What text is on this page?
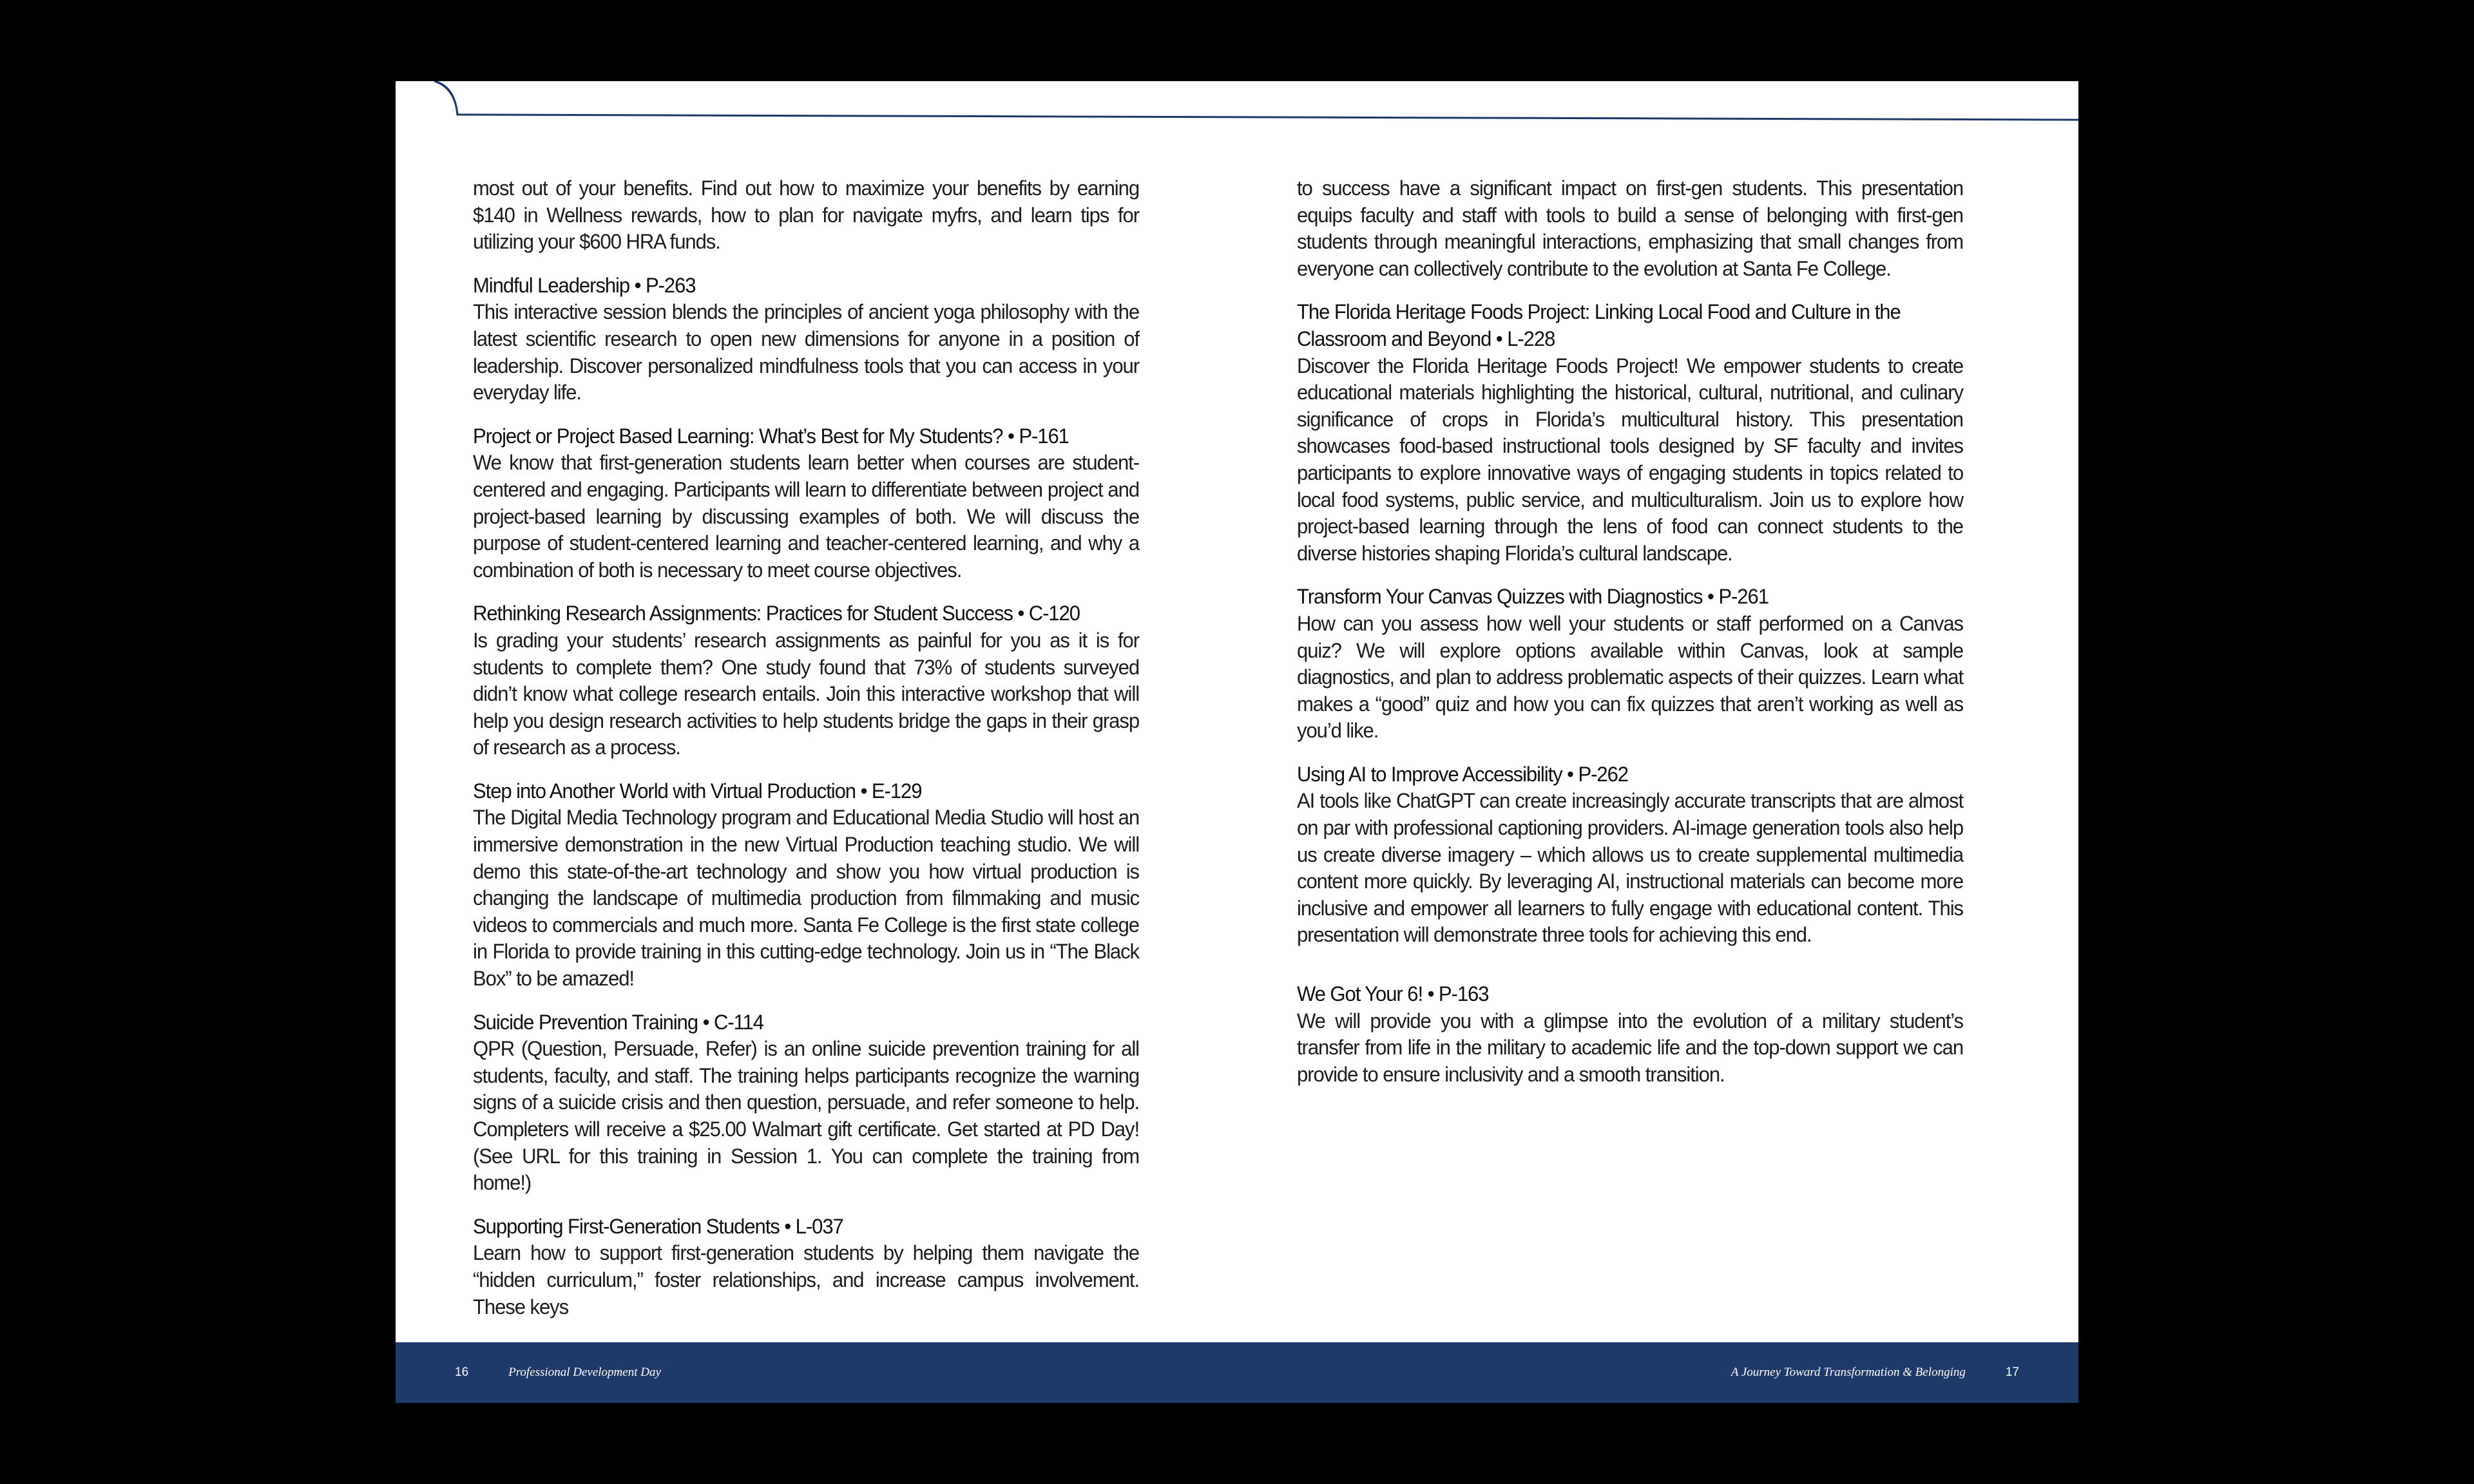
most out of your benefits. Find out how to maximize your benefits by earning $140 in Wellness rewards, how to plan for navigate myfrs, and learn tips for utilizing your $600 HRA funds.

Mindful Leadership • P-263

This interactive session blends the principles of ancient yoga philosophy with the latest scientific research to open new dimensions for anyone in a position of leadership. Discover personalized mindfulness tools that you can access in your everyday life.

Project or Project Based Learning: What’s Best for My Students? • P-161

We know that first-generation students learn better when courses are student-centered and engaging. Participants will learn to differentiate between project and project-based learning by discussing examples of both. We will discuss the purpose of student-centered learning and teacher-centered learning, and why a combination of both is necessary to meet course objectives.

Rethinking Research Assignments: Practices for Student Success • C-120

Is grading your students’ research assignments as painful for you as it is for students to complete them? One study found that 73% of students surveyed didn’t know what college research entails. Join this interactive workshop that will help you design research activities to help students bridge the gaps in their grasp of research as a process.

Step into Another World with Virtual Production • E-129

The Digital Media Technology program and Educational Media Studio will host an immersive demonstration in the new Virtual Production teaching studio. We will demo this state-of-the-art technology and show you how virtual production is changing the landscape of multimedia production from filmmaking and music videos to commercials and much more. Santa Fe College is the first state college in Florida to provide training in this cutting-edge technology. Join us in “The Black Box” to be amazed!

Suicide Prevention Training • C-114

QPR (Question, Persuade, Refer) is an online suicide prevention training for all students, faculty, and staff. The training helps participants recognize the warning signs of a suicide crisis and then question, persuade, and refer someone to help. Completers will receive a $25.00 Walmart gift certificate. Get started at PD Day! (See URL for this training in Session 1. You can complete the training from home!)

Supporting First-Generation Students • L-037

Learn how to support first-generation students by helping them navigate the “hidden curriculum,” foster relationships, and increase campus involvement. These keys

to success have a significant impact on first-gen students. This presentation equips faculty and staff with tools to build a sense of belonging with first-gen students through meaningful interactions, emphasizing that small changes from everyone can collectively contribute to the evolution at Santa Fe College.

The Florida Heritage Foods Project: Linking Local Food and Culture in the Classroom and Beyond • L-228

Discover the Florida Heritage Foods Project! We empower students to create educational materials highlighting the historical, cultural, nutritional, and culinary significance of crops in Florida’s multicultural history. This presentation showcases food-based instructional tools designed by SF faculty and invites participants to explore innovative ways of engaging students in topics related to local food systems, public service, and multiculturalism. Join us to explore how project-based learning through the lens of food can connect students to the diverse histories shaping Florida’s cultural landscape.

Transform Your Canvas Quizzes with Diagnostics • P-261

How can you assess how well your students or staff performed on a Canvas quiz? We will explore options available within Canvas, look at sample diagnostics, and plan to address problematic aspects of their quizzes. Learn what makes a “good” quiz and how you can fix quizzes that aren’t working as well as you’d like.

Using AI to Improve Accessibility • P-262

AI tools like ChatGPT can create increasingly accurate transcripts that are almost on par with professional captioning providers. AI-image generation tools also help us create diverse imagery – which allows us to create supplemental multimedia content more quickly. By leveraging AI, instructional materials can become more inclusive and empower all learners to fully engage with educational content. This presentation will demonstrate three tools for achieving this end.

We Got Your 6! • P-163

We will provide you with a glimpse into the evolution of a military student’s transfer from life in the military to academic life and the top-down support we can provide to ensure inclusivity and a smooth transition.

16	Professional Development Day	A Journey Toward Transformation & Belonging	17
